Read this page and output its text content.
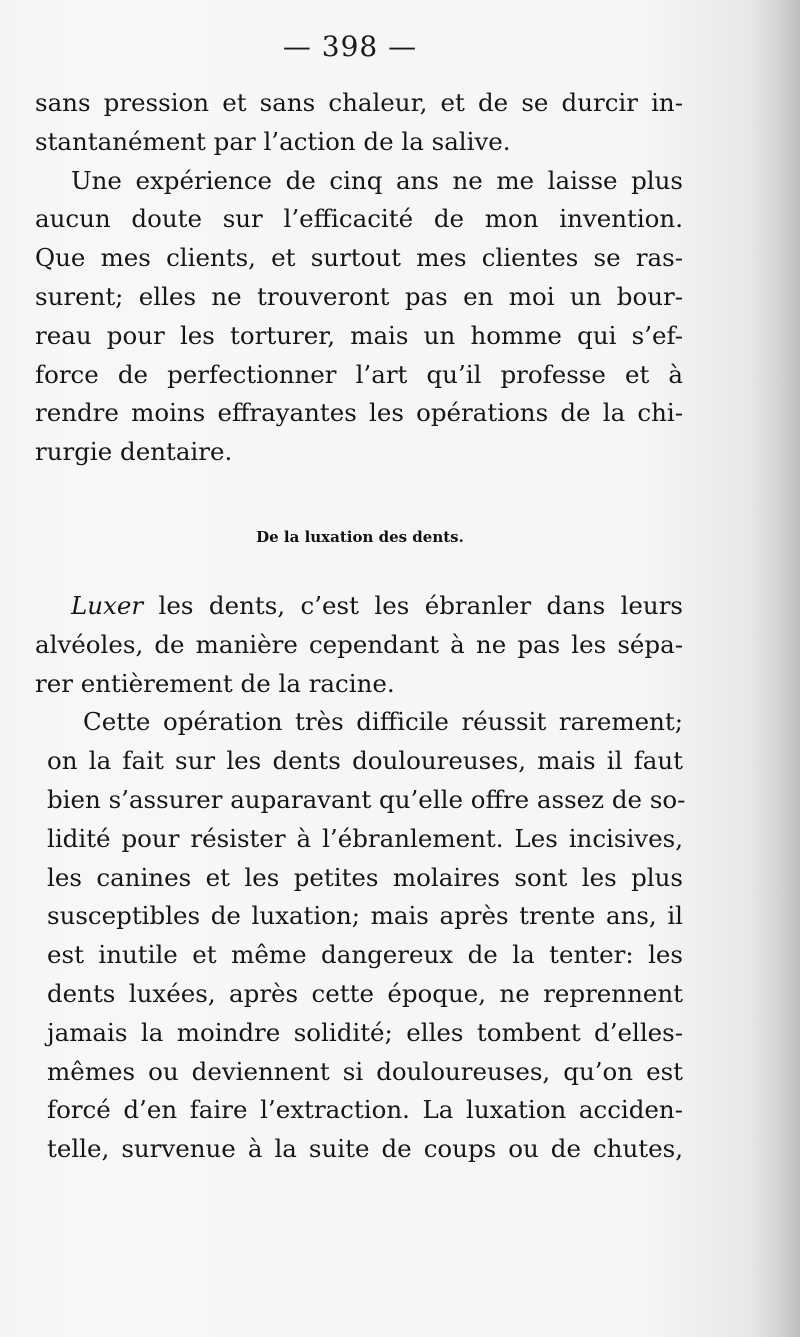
— 398 —
sans pression et sans chaleur, et de se durcir in-
stantanément par l’action de la salive.
Une expérience de cinq ans ne me laisse plus
aucun doute sur l’efficacité de mon invention.
Que mes clients, et surtout mes clientes se ras-
surent; elles ne trouveront pas en moi un bour-
reau pour les torturer, mais un homme qui s’ef-
force de perfectionner l’art qu’il professe et à
rendre moins effrayantes les opérations de la chi-
rurgie dentaire.
De la luxation des dents.
Luxer les dents, c’est les ébranler dans leurs
alvéoles, de manière cependant à ne pas les sépa-
rer entièrement de la racine.
Cette opération très difficile réussit rarement;
on la fait sur les dents douloureuses, mais il faut
bien s’assurer auparavant qu’elle offre assez de so-
lidité pour résister à l’ébranlement. Les incisives,
les canines et les petites molaires sont les plus
susceptibles de luxation; mais après trente ans, il
est inutile et même dangereux de la tenter: les
dents luxées, après cette époque, ne reprennent
jamais la moindre solidité; elles tombent d’elles-
mêmes ou deviennent si douloureuses, qu’on est
forcé d’en faire l’extraction. La luxation acciden-
telle, survenue à la suite de coups ou de chutes,
